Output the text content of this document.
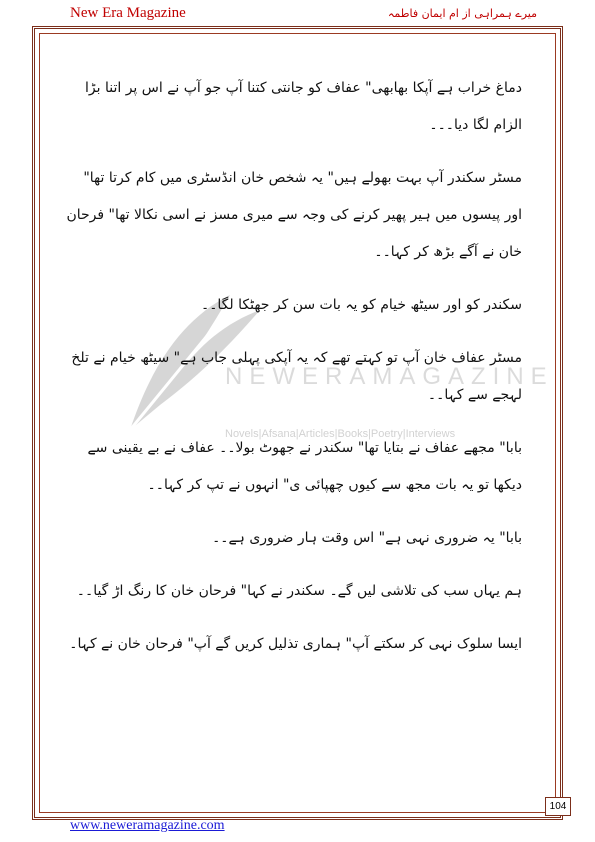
New Era Magazine	میرے ہمراہی از ام ایمان فاطمہ
NEWERAMAGAZINE
Novels|Afsana|Articles|Books|Poetry|Interviews

دماغ خراب ہے آپکا بھابھی" عفاف کو جانتی کتنا آپ جو آپ نے اس پر اتنا بڑا الزام لگا دیا۔۔۔

مسٹر سکندر آپ بہت بھولے ہیں" یہ شخص خان انڈسٹری میں کام کرتا تھا" اور پیسوں میں ہیر پھیر کرنے کی وجہ سے میری مسز نے اسی نکالا تھا" فرحان خان نے آگے بڑھ کر کہا۔۔

سکندر کو اور سیٹھ خیام کو یہ بات سن کر جھٹکا لگا۔۔

مسٹر عفاف خان آپ تو کہتے تھے کہ یہ آپکی پہلی جاب ہے" سیٹھ خیام نے تلخ لہجے سے کہا۔۔

بابا" مجھے عفاف نے بتایا تھا" سکندر نے جھوٹ بولا۔۔ عفاف نے بے یقینی سے دیکھا تو یہ بات مجھ سے کیوں چھپائی ی" انہوں نے تپ کر کہا۔۔

بابا" یہ ضروری نہی ہے" اس وقت ہار ضروری ہے۔۔

ہم یہاں سب کی تلاشی لیں گے۔ سکندر نے کہا" فرحان خان کا رنگ اڑ گیا۔۔

ایسا سلوک نہی کر سکتے آپ" ہماری تذلیل کریں گے آپ" فرحان خان نے کہا۔

104
www.neweramagazine.com
